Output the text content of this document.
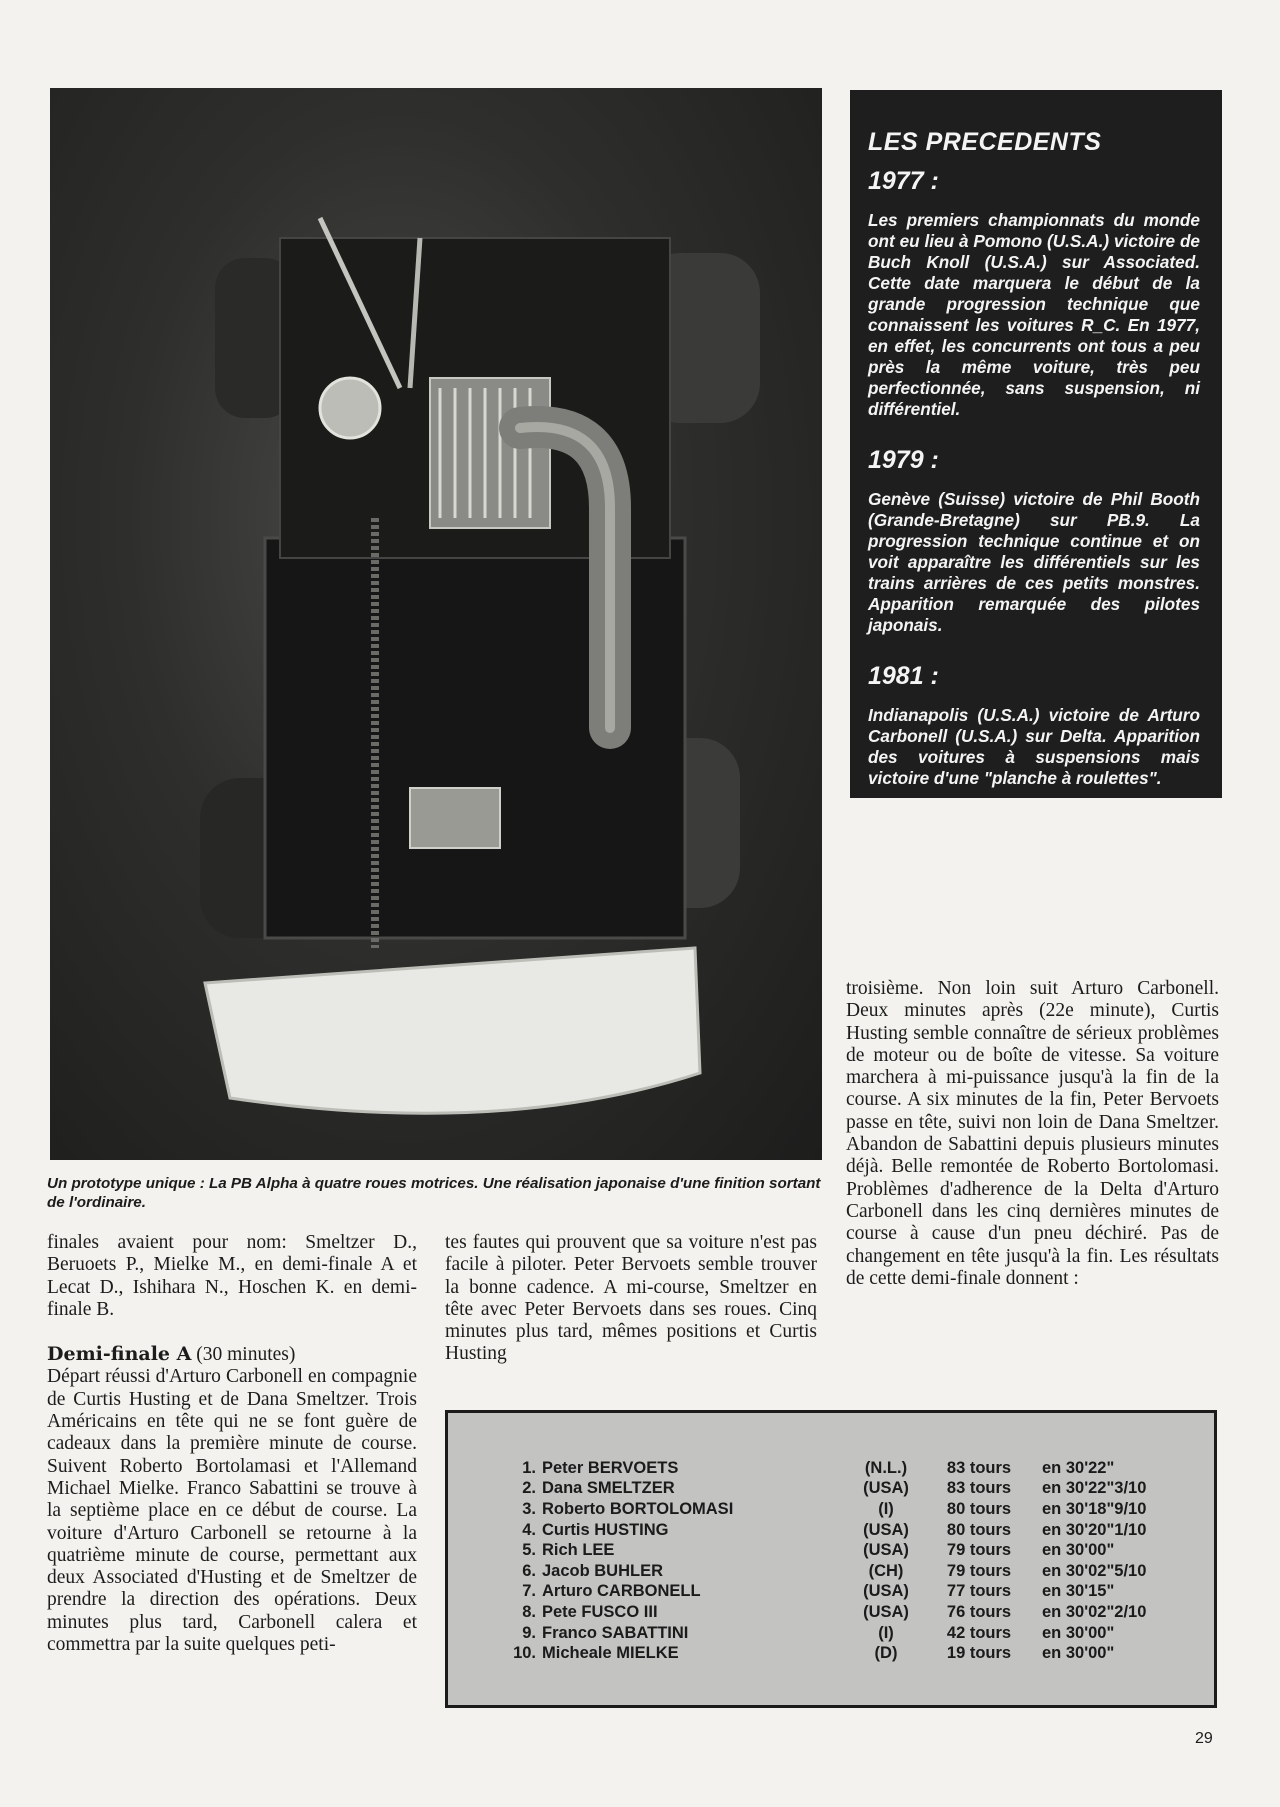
LES PRECEDENTS
1977 :

Les premiers championnats du monde ont eu lieu à Pomono (U.S.A.) victoire de Buch Knoll (U.S.A.) sur Associated. Cette date marquera le début de la grande progression technique que connaissent les voitures R_C. En 1977, en effet, les concurrents ont tous a peu près la même voiture, très peu perfectionnée, sans suspension, ni différentiel.

1979 :

Genève (Suisse) victoire de Phil Booth (Grande-Bretagne) sur PB.9. La progression technique continue et on voit apparaître les différentiels sur les trains arrières de ces petits monstres. Apparition remarquée des pilotes japonais.

1981 :

Indianapolis (U.S.A.) victoire de Arturo Carbonell (U.S.A.) sur Delta. Apparition des voitures à suspensions mais victoire d'une "planche à roulettes".

Un prototype unique : La PB Alpha à quatre roues motrices. Une réalisation japonaise d'une finition sortant de l'ordinaire.

finales avaient pour nom: Smeltzer D., Beruoets P., Mielke M., en demi-finale A et Lecat D., Ishihara N., Hoschen K. en demi-finale B.

Demi-finale A (30 minutes)

Départ réussi d'Arturo Carbonell en compagnie de Curtis Husting et de Dana Smeltzer. Trois Américains en tête qui ne se font guère de cadeaux dans la première minute de course. Suivent Roberto Bortolamasi et l'Allemand Michael Mielke. Franco Sabattini se trouve à la septième place en ce début de course. La voiture d'Arturo Carbonell se retourne à la quatrième minute de course, permettant aux deux Associated d'Husting et de Smeltzer de prendre la direction des opérations. Deux minutes plus tard, Carbonell calera et commettra par la suite quelques peti-

tes fautes qui prouvent que sa voiture n'est pas facile à piloter. Peter Bervoets semble trouver la bonne cadence. A mi-course, Smeltzer en tête avec Peter Bervoets dans ses roues. Cinq minutes plus tard, mêmes positions et Curtis Husting

troisième. Non loin suit Arturo Carbonell. Deux minutes après (22e minute), Curtis Husting semble connaître de sérieux problèmes de moteur ou de boîte de vitesse. Sa voiture marchera à mi-puissance jusqu'à la fin de la course. A six minutes de la fin, Peter Bervoets passe en tête, suivi non loin de Dana Smeltzer. Abandon de Sabattini depuis plusieurs minutes déjà. Belle remontée de Roberto Bortolomasi. Problèmes d'adherence de la Delta d'Arturo Carbonell dans les cinq dernières minutes de course à cause d'un pneu déchiré. Pas de changement en tête jusqu'à la fin. Les résultats de cette demi-finale donnent :

1.	Peter BERVOETS	(N.L.)	83 tours	en 30'22"
2.	Dana SMELTZER	(USA)	83 tours	en 30'22"3/10
3.	Roberto BORTOLOMASI	(I)	80 tours	en 30'18"9/10
4.	Curtis HUSTING	(USA)	80 tours	en 30'20"1/10
5.	Rich LEE	(USA)	79 tours	en 30'00"
6.	Jacob BUHLER	(CH)	79 tours	en 30'02"5/10
7.	Arturo CARBONELL	(USA)	77 tours	en 30'15"
8.	Pete FUSCO III	(USA)	76 tours	en 30'02"2/10
9.	Franco SABATTINI	(I)	42 tours	en 30'00"
10.	Micheale MIELKE	(D)	19 tours	en 30'00"
29
